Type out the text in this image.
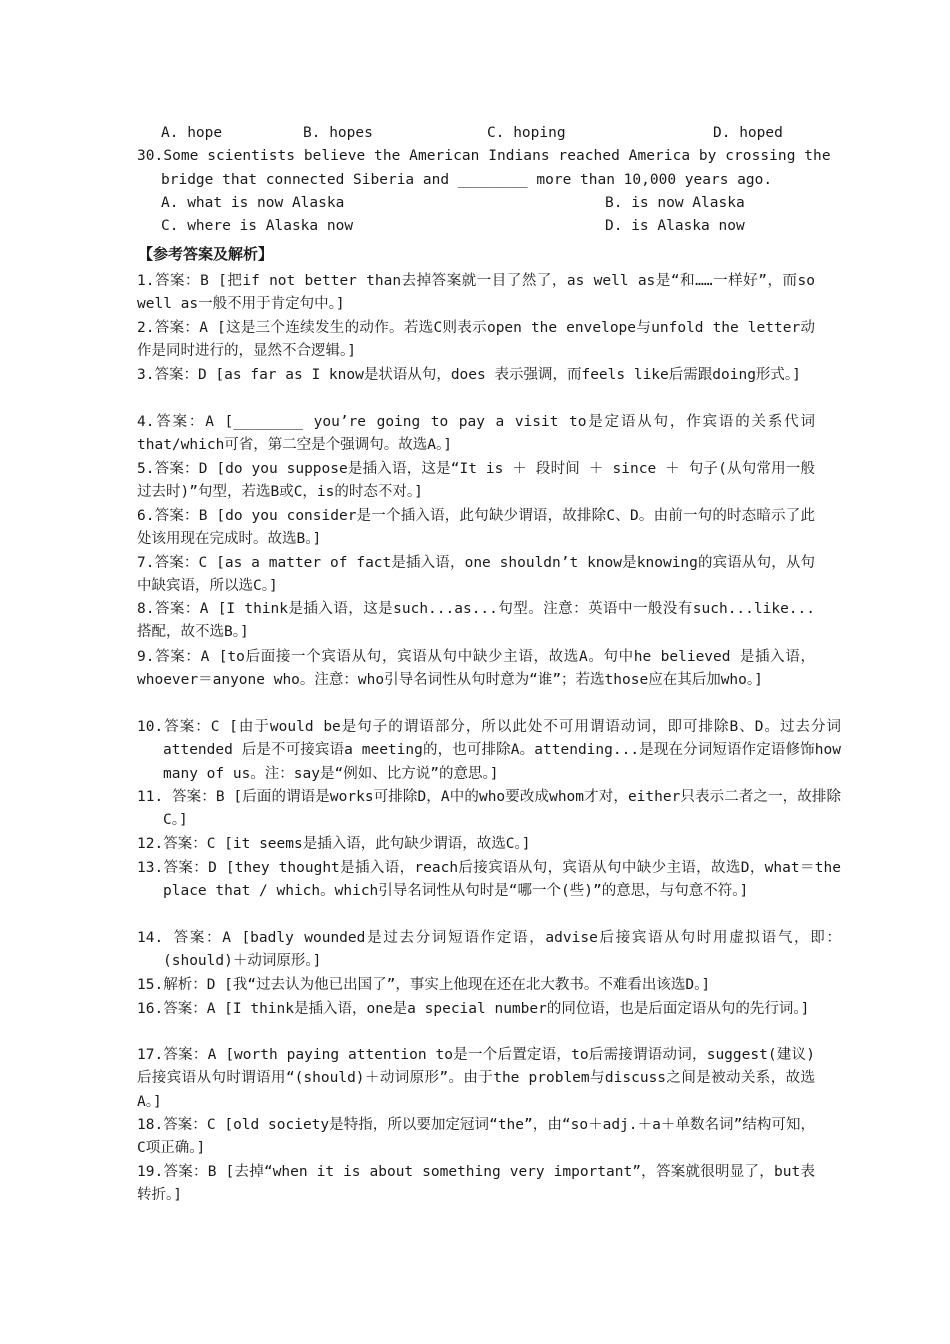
A. hope	B. hopes	C. hoping	D. hoped
30.Some scientists believe the American Indians reached America by crossing the
bridge that connected Siberia and ________ more than 10,000 years ago.
A. what is now Alaska	B. is now Alaska
C. where is Alaska now	D. is Alaska now
【参考答案及解析】
1.答案：B [把if not better than去掉答案就一目了然了，as well as是“和……一样好”，而so well as一般不用于肯定句中。]
2.答案：A [这是三个连续发生的动作。若选C则表示open the envelope与unfold the letter动作是同时进行的，显然不合逻辑。]
3.答案：D [as far as I know是状语从句，does 表示强调，而feels like后需跟doing形式。]
4.答案：A [________ you’re going to pay a visit to是定语从句，作宾语的关系代词that/which可省，第二空是个强调句。故选A。]
5.答案：D [do you suppose是插入语，这是“It is ＋ 段时间 ＋ since ＋ 句子(从句常用一般过去时)”句型，若选B或C，is的时态不对。]
6.答案：B [do you consider是一个插入语，此句缺少谓语，故排除C、D。由前一句的时态暗示了此处该用现在完成时。故选B。]
7.答案：C [as a matter of fact是插入语，one shouldn’t know是knowing的宾语从句，从句中缺宾语，所以选C。]
8.答案：A [I think是插入语，这是such...as...句型。注意：英语中一般没有such...like...搭配，故不选B。]
9.答案：A [to后面接一个宾语从句，宾语从句中缺少主语，故选A。句中he believed 是插入语，whoever＝anyone who。注意：who引导名词性从句时意为“谁”；若选those应在其后加who。]
10.答案：C [由于would be是句子的谓语部分，所以此处不可用谓语动词，即可排除B、D。过去分词attended 后是不可接宾语a meeting的，也可排除A。attending...是现在分词短语作定语修饰how many of us。注：say是“例如、比方说”的意思。]
11. 答案：B [后面的谓语是works可排除D，A中的who要改成whom才对，either只表示二者之一，故排除C。]
12.答案：C [it seems是插入语，此句缺少谓语，故选C。]
13.答案：D [they thought是插入语，reach后接宾语从句，宾语从句中缺少主语，故选D，what＝the place that / which。which引导名词性从句时是“哪一个(些)”的意思，与句意不符。]
14. 答案：A [badly wounded是过去分词短语作定语，advise后接宾语从句时用虚拟语气，即：(should)＋动词原形。]
15.解析：D [我“过去认为他已出国了”，事实上他现在还在北大教书。不难看出该选D。]
16.答案：A [I think是插入语，one是a special number的同位语，也是后面定语从句的先行词。]
17.答案：A [worth paying attention to是一个后置定语，to后需接谓语动词，suggest(建议)后接宾语从句时谓语用“(should)＋动词原形”。由于the problem与discuss之间是被动关系，故选A。]
18.答案：C [old society是特指，所以要加定冠词“the”，由“so＋adj.＋a＋单数名词”结构可知，C项正确。]
19.答案：B [去掉“when it is about something very important”，答案就很明显了，but表转折。]
